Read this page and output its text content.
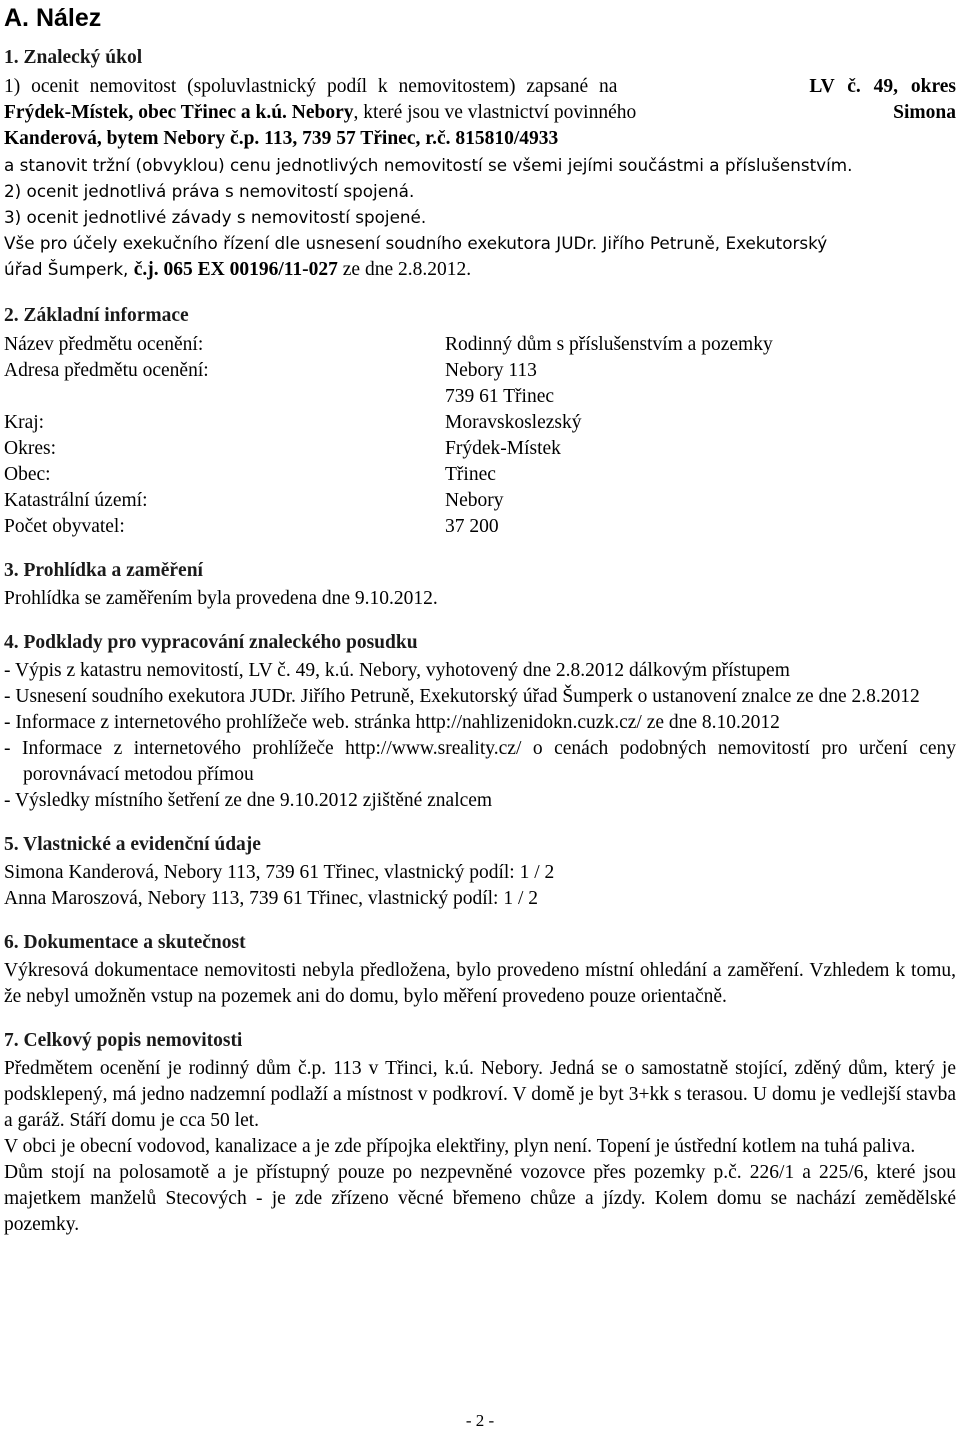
A. Nález
1. Znalecký úkol
1) ocenit nemovitost (spoluvlastnický podíl k nemovitostem) zapsané na	LV č. 49, okres
Frýdek-Místek, obec Třinec a k.ú. Nebory, které jsou ve vlastnictví povinného	Simona
Kanderová, bytem Nebory č.p. 113, 739 57 Třinec, r.č. 815810/4933
a stanovit tržní (obvyklou) cenu jednotlivých nemovitostí se všemi jejími součástmi a příslušenstvím.
2) ocenit jednotlivá práva s nemovitostí spojená.
3) ocenit jednotlivé závady s nemovitostí spojené.
Vše pro účely exekučního řízení dle usnesení soudního exekutora JUDr. Jiřího Petruně, Exekutorský
úřad Šumperk, č.j. 065 EX 00196/11-027 ze dne 2.8.2012.
2. Základní informace
Název předmětu ocenění:	Rodinný dům s příslušenstvím a pozemky
Adresa předmětu ocenění:	Nebory 113
739 61 Třinec
Kraj:	Moravskoslezský
Okres:	Frýdek-Místek
Obec:	Třinec
Katastrální území:	Nebory
Počet obyvatel:	37 200
3. Prohlídka a zaměření
Prohlídka se zaměřením byla provedena dne 9.10.2012.
4. Podklady pro vypracování znaleckého posudku
- Výpis z katastru nemovitostí, LV č. 49, k.ú. Nebory, vyhotovený dne 2.8.2012 dálkovým přístupem
- Usnesení soudního exekutora JUDr. Jiřího Petruně, Exekutorský úřad Šumperk o ustanovení znalce ze dne 2.8.2012
- Informace z internetového prohlížeče web. stránka http://nahlizenidokn.cuzk.cz/ ze dne 8.10.2012
- Informace z internetového prohlížeče http://www.sreality.cz/ o cenách podobných nemovitostí pro určení ceny porovnávací metodou přímou
- Výsledky místního šetření ze dne 9.10.2012 zjištěné znalcem
5. Vlastnické a evidenční údaje
Simona Kanderová, Nebory 113, 739 61 Třinec, vlastnický podíl: 1 / 2
Anna Maroszová, Nebory 113, 739 61 Třinec, vlastnický podíl: 1 / 2
6. Dokumentace a skutečnost
Výkresová dokumentace nemovitosti nebyla předložena, bylo provedeno místní ohledání a zaměření. Vzhledem k tomu, že nebyl umožněn vstup na pozemek ani do domu, bylo měření provedeno pouze orientačně.
7. Celkový popis nemovitosti
Předmětem ocenění je rodinný dům č.p. 113 v Třinci, k.ú. Nebory. Jedná se o samostatně stojící, zděný dům, který je podsklepený, má jedno nadzemní podlaží a místnost v podkroví. V domě je byt 3+kk s terasou. U domu je vedlejší stavba a garáž. Stáří domu je cca 50 let.
V obci je obecní vodovod, kanalizace a je zde přípojka elektřiny, plyn není. Topení je ústřední kotlem na tuhá paliva.
Dům stojí na polosamotě a je přístupný pouze po nezpevněné vozovce přes pozemky p.č. 226/1 a 225/6, které jsou majetkem manželů Stecových - je zde zřízeno věcné břemeno chůze a jízdy. Kolem domu se nachází zemědělské pozemky.
- 2 -
